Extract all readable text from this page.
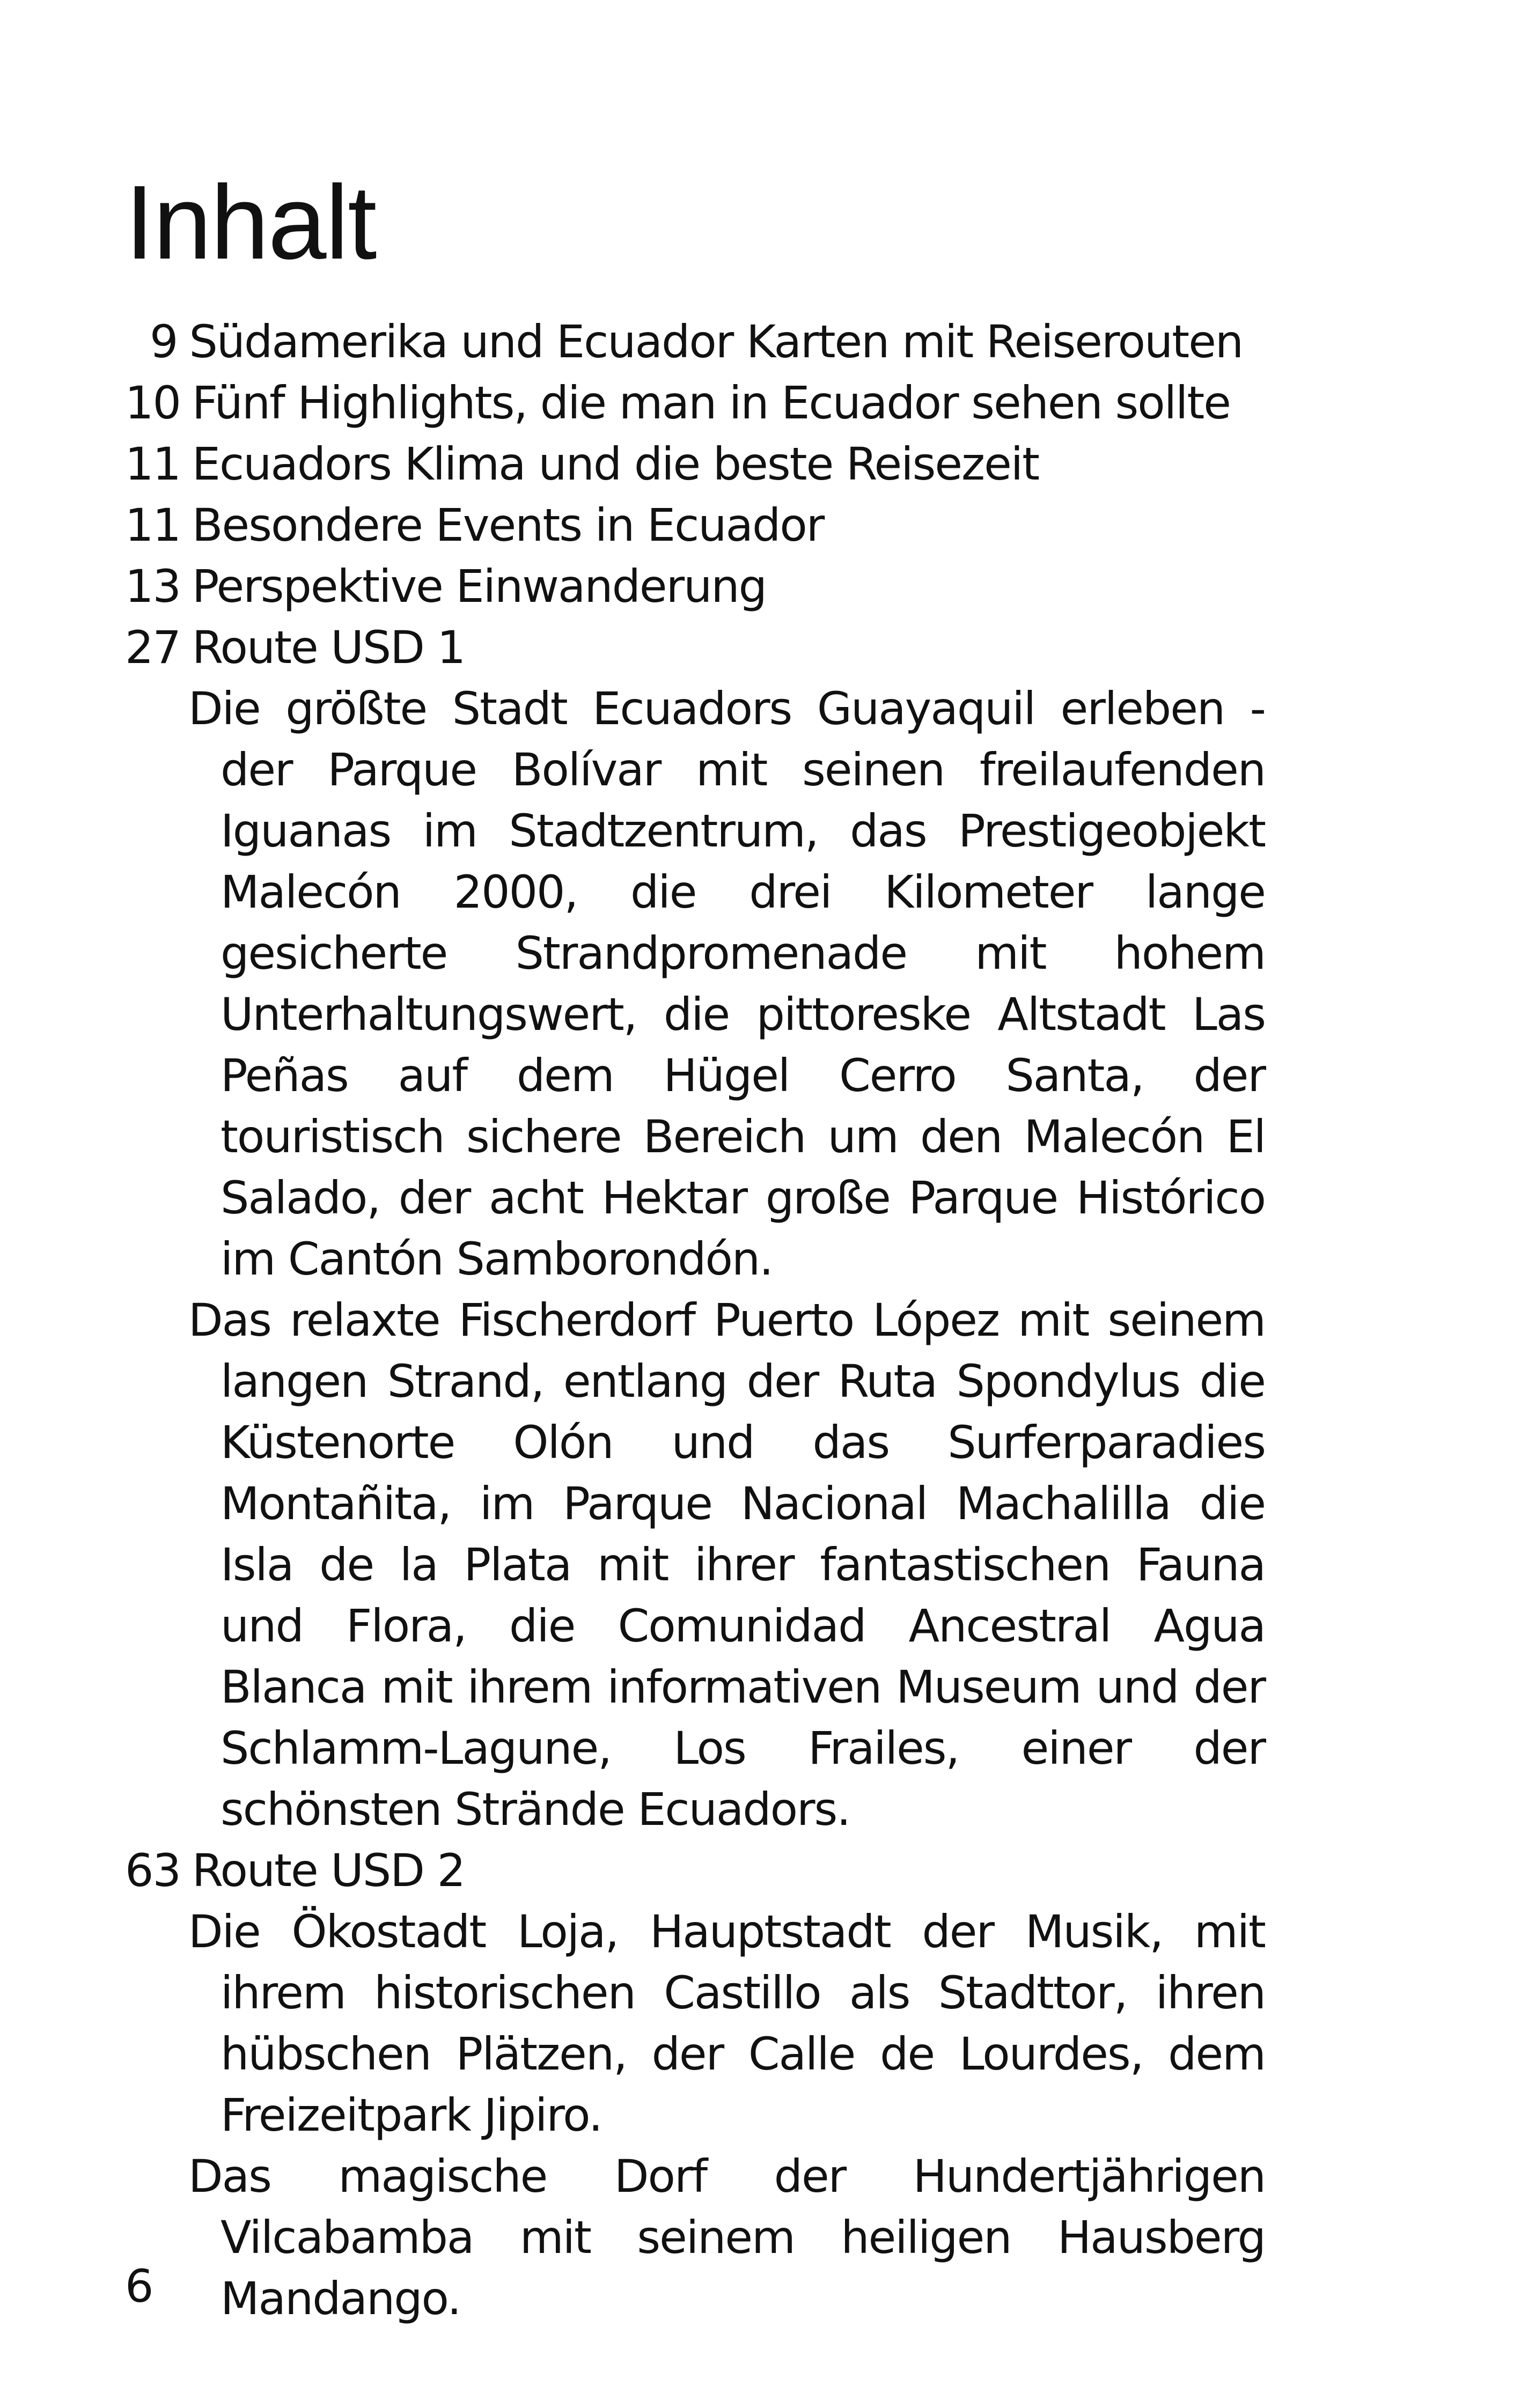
Inhalt
9 Südamerika und Ecuador Karten mit Reiserouten
10 Fünf Highlights, die man in Ecuador sehen sollte
11 Ecuadors Klima und die beste Reisezeit
11 Besondere Events in Ecuador
13 Perspektive Einwanderung
27 Route USD 1

Die größte Stadt Ecuadors Guayaquil erleben - der Parque Bolívar mit seinen freilaufenden Iguanas im Stadtzentrum, das Prestigeobjekt Malecón 2000, die drei Kilometer lange gesicherte Strandpromenade mit hohem Unterhaltungswert, die pittoreske Altstadt Las Peñas auf dem Hügel Cerro Santa, der touristisch sichere Bereich um den Malecón El Salado, der acht Hektar große Parque Histórico im Cantón Samborondón.

Das relaxte Fischerdorf Puerto López mit seinem langen Strand, entlang der Ruta Spondylus die Küstenorte Olón und das Surferparadies Montañita, im Parque Nacional Machalilla die Isla de la Plata mit ihrer fantastischen Fauna und Flora, die Comunidad Ancestral Agua Blanca mit ihrem informativen Museum und der Schlamm-Lagune, Los Frailes, einer der schönsten Strände Ecuadors.

63 Route USD 2

Die Ökostadt Loja, Hauptstadt der Musik, mit ihrem historischen Castillo als Stadttor, ihren hübschen Plätzen, der Calle de Lourdes, dem Freizeitpark Jipiro.

Das magische Dorf der Hundertjährigen Vilcabamba mit seinem heiligen Hausberg Mandango.

6
